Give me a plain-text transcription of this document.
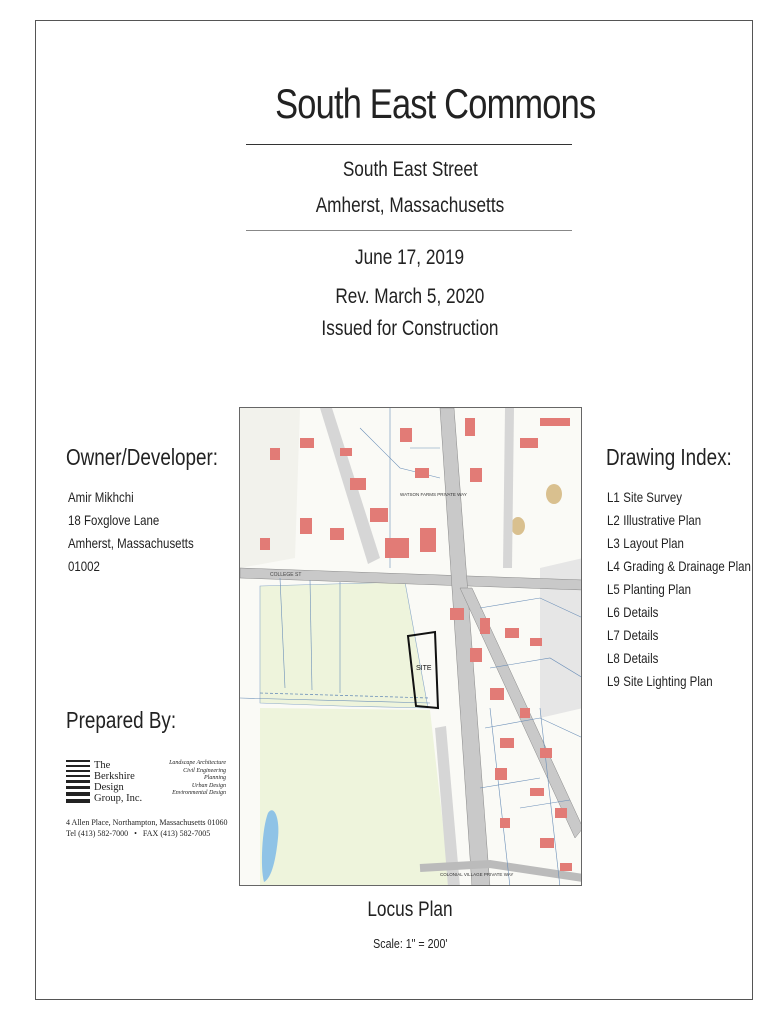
South East Commons
South East Street
Amherst, Massachusetts
June 17, 2019
Rev. March 5, 2020
Issued for Construction
Owner/Developer:
Amir Mikhchi
18 Foxglove Lane
Amherst, Massachusetts
01002
Drawing Index:
L1 Site Survey
L2 Illustrative Plan
L3 Layout Plan
L4 Grading & Drainage Plan
L5 Planting Plan
L6 Details
L7 Details
L8 Details
L9 Site Lighting Plan
Prepared By:
The
Berkshire
Design
Group, Inc.
Landscape Architecture
Civil Engineering
Planning
Urban Design
Environmental Design
4 Allen Place, Northampton, Massachusetts 01060
Tel (413) 582-7000 • FAX (413) 582-7005
COLLEGE ST
SITE
WATSON FARMS PRIVATE WAY
COLONIAL VILLAGE PRIVATE WAY
Locus Plan
Scale: 1" = 200'
